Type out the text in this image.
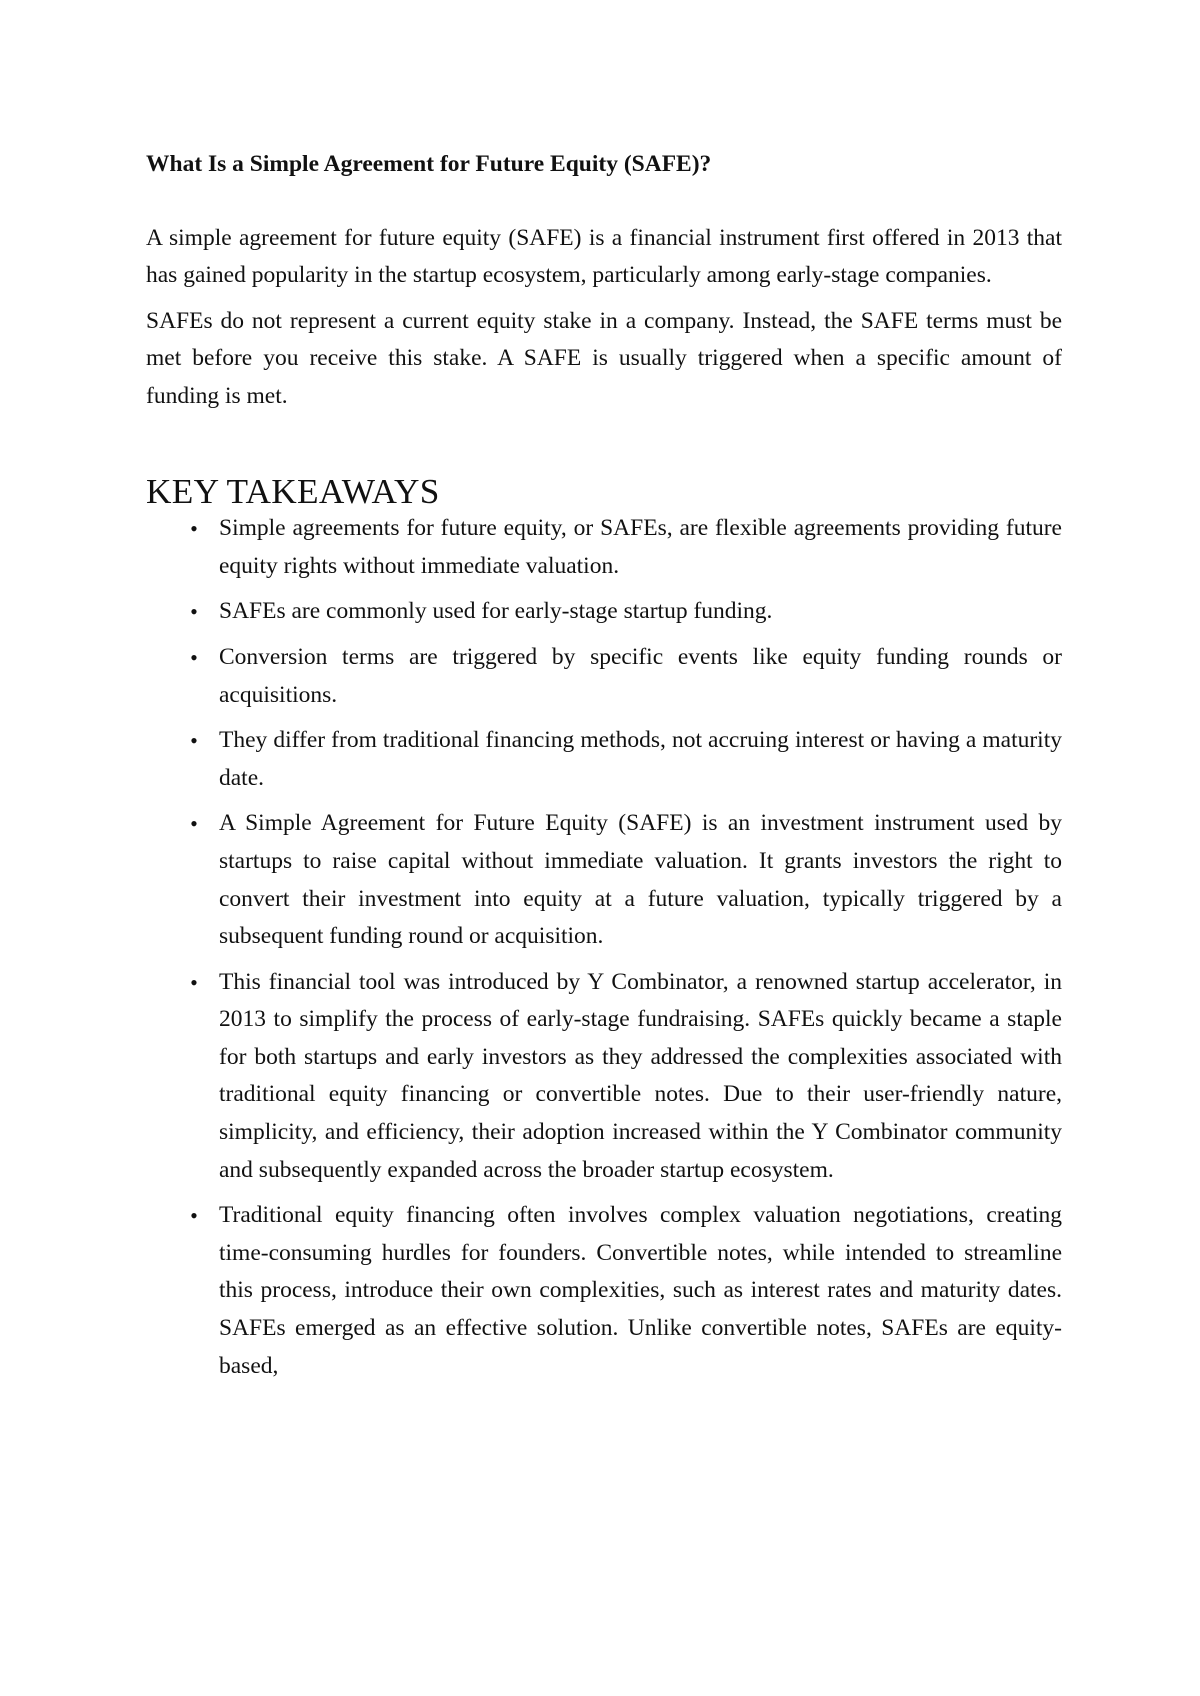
What Is a Simple Agreement for Future Equity (SAFE)?

A simple agreement for future equity (SAFE) is a financial instrument first offered in 2013 that has gained popularity in the startup ecosystem, particularly among early-stage companies.

SAFEs do not represent a current equity stake in a company. Instead, the SAFE terms must be met before you receive this stake. A SAFE is usually triggered when a specific amount of funding is met.

KEY TAKEAWAYS
• Simple agreements for future equity, or SAFEs, are flexible agreements providing future equity rights without immediate valuation.
• SAFEs are commonly used for early-stage startup funding.
• Conversion terms are triggered by specific events like equity funding rounds or acquisitions.
• They differ from traditional financing methods, not accruing interest or having a maturity date.
• A Simple Agreement for Future Equity (SAFE) is an investment instrument used by startups to raise capital without immediate valuation. It grants investors the right to convert their investment into equity at a future valuation, typically triggered by a subsequent funding round or acquisition.
• This financial tool was introduced by Y Combinator, a renowned startup accelerator, in 2013 to simplify the process of early-stage fundraising. SAFEs quickly became a staple for both startups and early investors as they addressed the complexities associated with traditional equity financing or convertible notes. Due to their user-friendly nature, simplicity, and efficiency, their adoption increased within the Y Combinator community and subsequently expanded across the broader startup ecosystem.
• Traditional equity financing often involves complex valuation negotiations, creating time-consuming hurdles for founders. Convertible notes, while intended to streamline this process, introduce their own complexities, such as interest rates and maturity dates. SAFEs emerged as an effective solution. Unlike convertible notes, SAFEs are equity-based,
